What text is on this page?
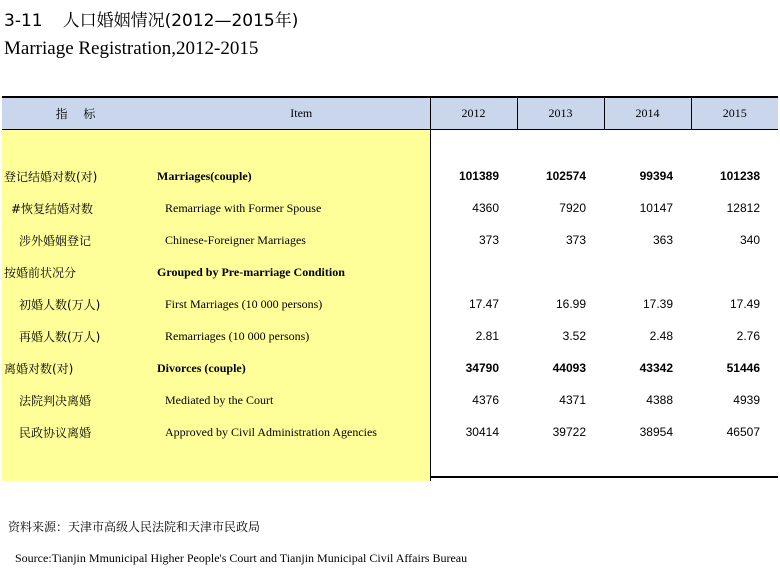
3-11 人口婚姻情况(2012—2015年)
Marriage Registration,2012-2015
指 标	Item	2012	2013	2014	2015

登记结婚对数(对)	Marriages(couple)	101389	102574	99394	101238
#恢复结婚对数	Remarriage with Former Spouse	4360	7920	10147	12812
涉外婚姻登记	Chinese-Foreigner Marriages	373	373	363	340
按婚前状况分	Grouped by Pre-marriage Condition				
初婚人数(万人)	First Marriages (10 000 persons)	17.47	16.99	17.39	17.49
再婚人数(万人)	Remarriages (10 000 persons)	2.81	3.52	2.48	2.76
离婚对数(对)	Divorces (couple)	34790	44093	43342	51446
法院判决离婚	Mediated by the Court	4376	4371	4388	4939
民政协议离婚	Approved by Civil Administration Agencies	30414	39722	38954	46507

资料来源：天津市高级人民法院和天津市民政局
Source:Tianjin Mmunicipal Higher People's Court and Tianjin Municipal Civil Affairs Bureau
